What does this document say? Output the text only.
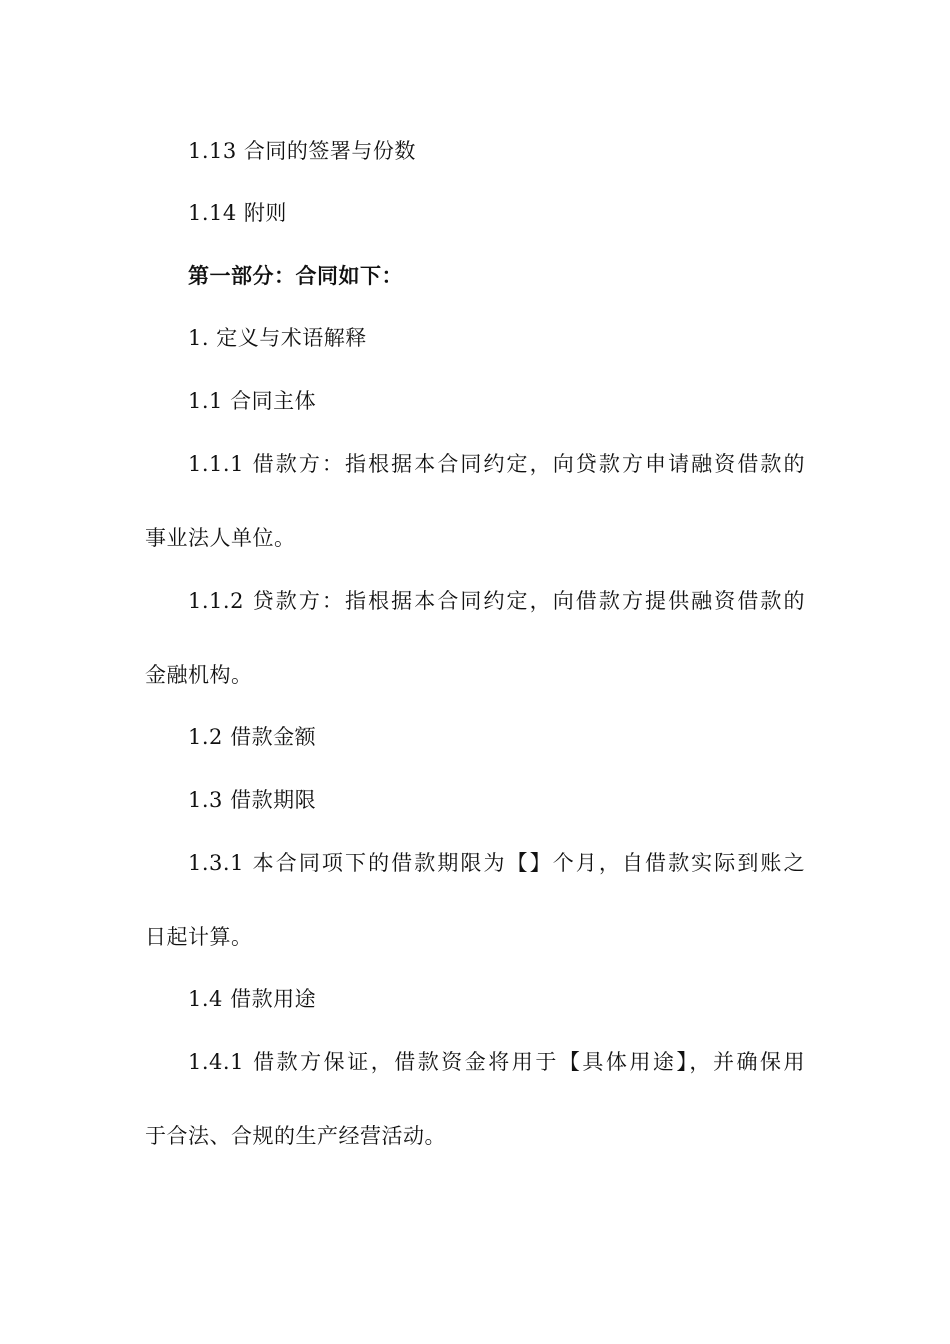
1.13 合同的签署与份数
1.14 附则
第一部分：合同如下：
1. 定义与术语解释
1.1 合同主体
1.1.1 借款方：指根据本合同约定，向贷款方申请融资借款的
事业法人单位。
1.1.2 贷款方：指根据本合同约定，向借款方提供融资借款的
金融机构。
1.2 借款金额
1.3 借款期限
1.3.1 本合同项下的借款期限为【】个月，自借款实际到账之
日起计算。
1.4 借款用途
1.4.1 借款方保证，借款资金将用于【具体用途】，并确保用
于合法、合规的生产经营活动。
